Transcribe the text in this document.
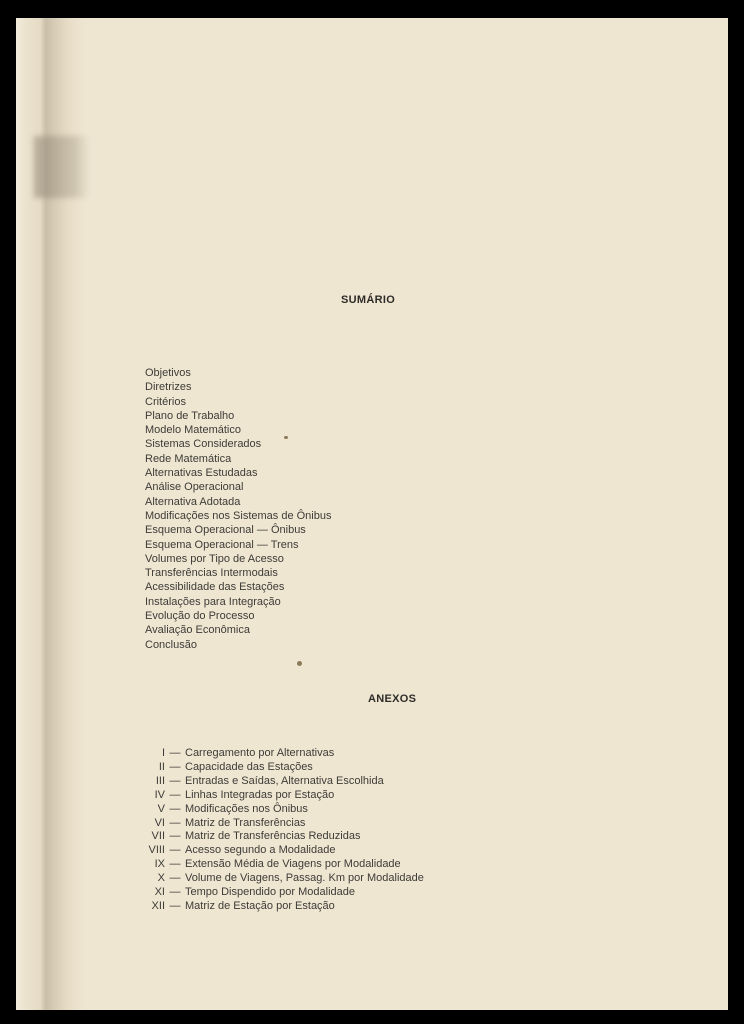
SUMÁRIO
Objetivos
Diretrizes
Critérios
Plano de Trabalho
Modelo Matemático
Sistemas Considerados
Rede Matemática
Alternativas Estudadas
Análise Operacional
Alternativa Adotada
Modificações nos Sistemas de Ônibus
Esquema Operacional — Ônibus
Esquema Operacional — Trens
Volumes por Tipo de Acesso
Transferências Intermodais
Acessibilidade das Estações
Instalações para Integração
Evolução do Processo
Avaliação Econômica
Conclusão
ANEXOS
I — Carregamento por Alternativas
II — Capacidade das Estações
III — Entradas e Saídas, Alternativa Escolhida
IV — Linhas Integradas por Estação
V — Modificações nos Ônibus
VI — Matriz de Transferências
VII — Matriz de Transferências Reduzidas
VIII — Acesso segundo a Modalidade
IX — Extensão Média de Viagens por Modalidade
X — Volume de Viagens, Passag. Km por Modalidade
XI — Tempo Dispendido por Modalidade
XII — Matriz de Estação por Estação
